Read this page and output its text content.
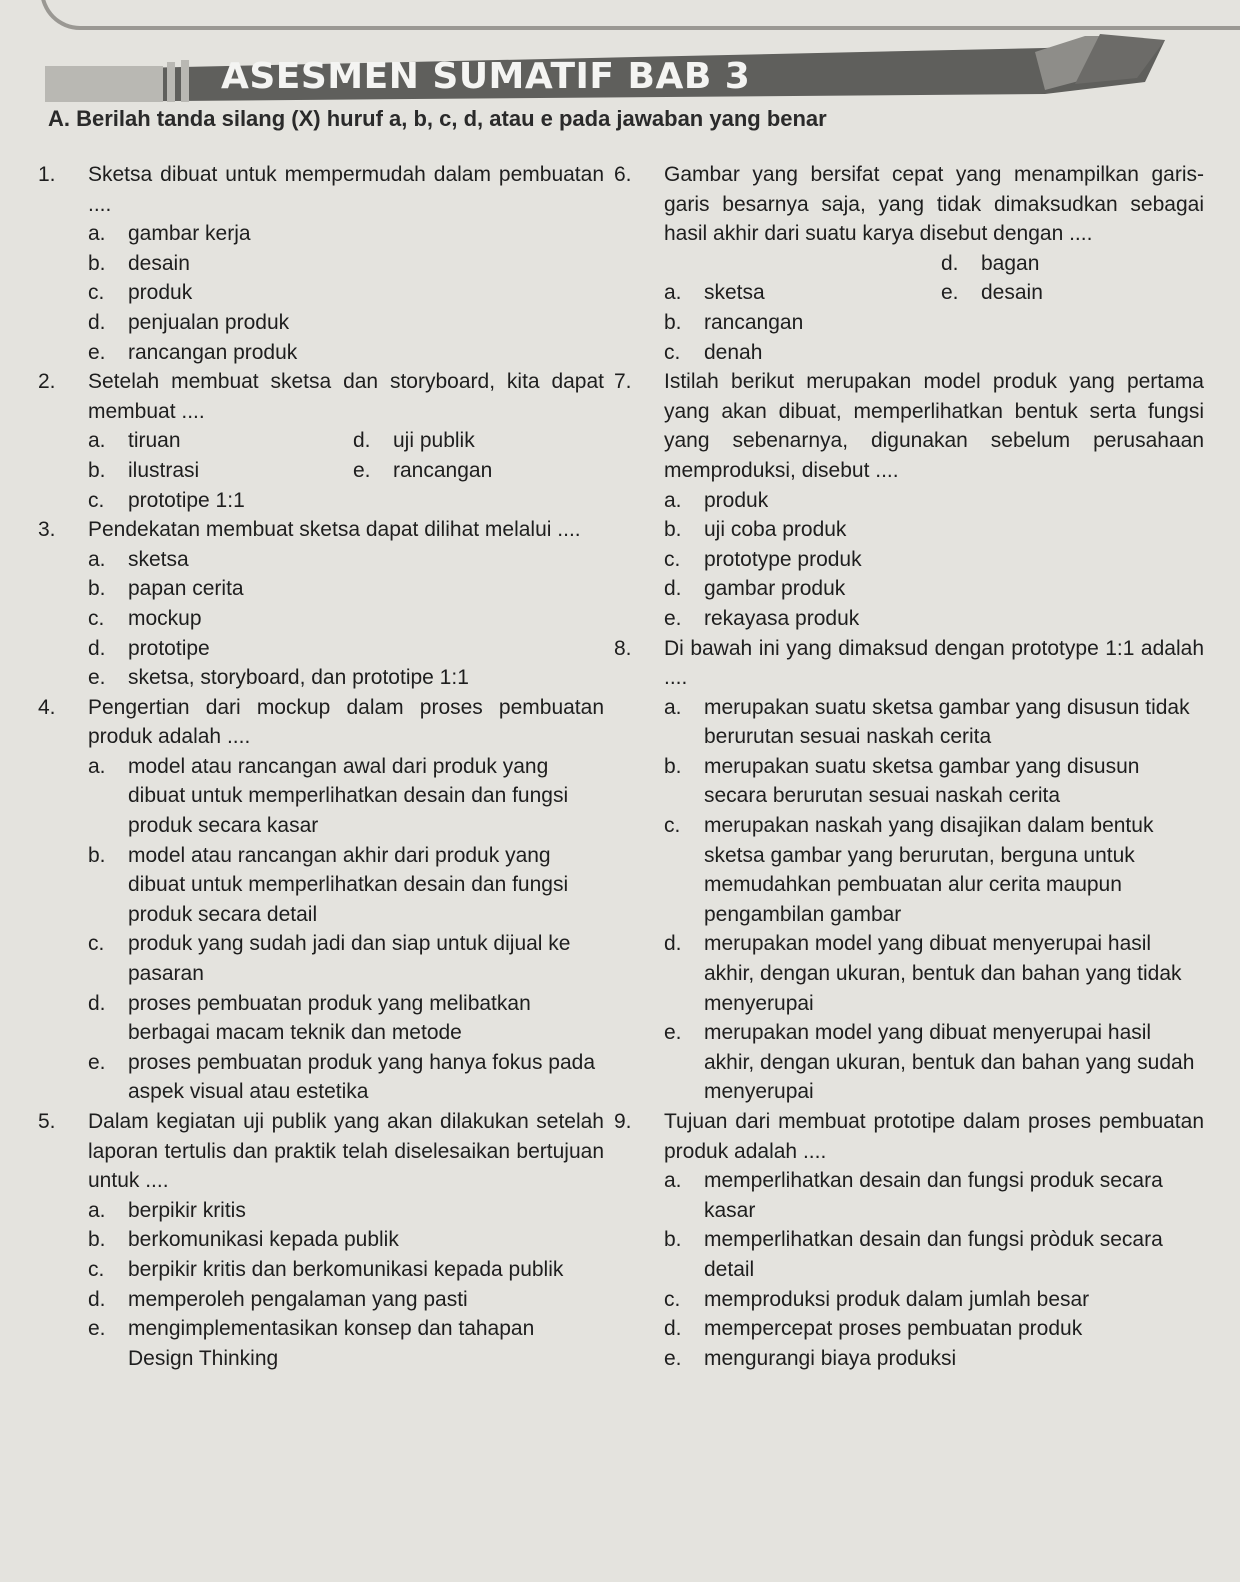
ASESMEN SUMATIF BAB 3
A. Berilah tanda silang (X) huruf a, b, c, d, atau e pada jawaban yang benar
1.	Sketsa dibuat untuk mempermudah dalam pembuatan ....
a.	gambar kerja
b.	desain
c.	produk
d.	penjualan produk
e.	rancangan produk
2.	Setelah membuat sketsa dan storyboard, kita dapat membuat ....
a.	tiruan	d.	uji publik
b.	ilustrasi	e.	rancangan
c.	prototipe 1:1
3.	Pendekatan membuat sketsa dapat dilihat melalui ....
a.	sketsa
b.	papan cerita
c.	mockup
d.	prototipe
e.	sketsa, storyboard, dan prototipe 1:1
4.	Pengertian dari mockup dalam proses pembuatan produk adalah ....
a.	model atau rancangan awal dari produk yang dibuat untuk memperlihatkan desain dan fungsi produk secara kasar
b.	model atau rancangan akhir dari produk yang dibuat untuk memperlihatkan desain dan fungsi produk secara detail
c.	produk yang sudah jadi dan siap untuk dijual ke pasaran
d.	proses pembuatan produk yang melibatkan berbagai macam teknik dan metode
e.	proses pembuatan produk yang hanya fokus pada aspek visual atau estetika
5.	Dalam kegiatan uji publik yang akan dilakukan setelah laporan tertulis dan praktik telah diselesaikan bertujuan untuk ....
a.	berpikir kritis
b.	berkomunikasi kepada publik
c.	berpikir kritis dan berkomunikasi kepada publik
d.	memperoleh pengalaman yang pasti
e.	mengimplementasikan konsep dan tahapan Design Thinking
6.	Gambar yang bersifat cepat yang menampilkan garis-garis besarnya saja, yang tidak dimaksudkan sebagai hasil akhir dari suatu karya disebut dengan ....

d.	bagan
a.	sketsa	e.	desain
b.	rancangan

c.	denah
7.	Istilah berikut merupakan model produk yang pertama yang akan dibuat, memperlihatkan bentuk serta fungsi yang sebenarnya, digunakan sebelum perusahaan memproduksi, disebut ....
a.	produk
b.	uji coba produk
c.	prototype produk
d.	gambar produk
e.	rekayasa produk
8.	Di bawah ini yang dimaksud dengan prototype 1:1 adalah ....
a.	merupakan suatu sketsa gambar yang disusun tidak berurutan sesuai naskah cerita
b.	merupakan suatu sketsa gambar yang disusun secara berurutan sesuai naskah cerita
c.	merupakan naskah yang disajikan dalam bentuk sketsa gambar yang berurutan, berguna untuk memudahkan pembuatan alur cerita maupun pengambilan gambar
d.	merupakan model yang dibuat menyerupai hasil akhir, dengan ukuran, bentuk dan bahan yang tidak menyerupai
e.	merupakan model yang dibuat menyerupai hasil akhir, dengan ukuran, bentuk dan bahan yang sudah menyerupai
9.	Tujuan dari membuat prototipe dalam proses pembuatan produk adalah ....
a.	memperlihatkan desain dan fungsi produk secara kasar
b.	memperlihatkan desain dan fungsi pròduk secara detail
c.	memproduksi produk dalam jumlah besar
d.	mempercepat proses pembuatan produk
e.	mengurangi biaya produksi
